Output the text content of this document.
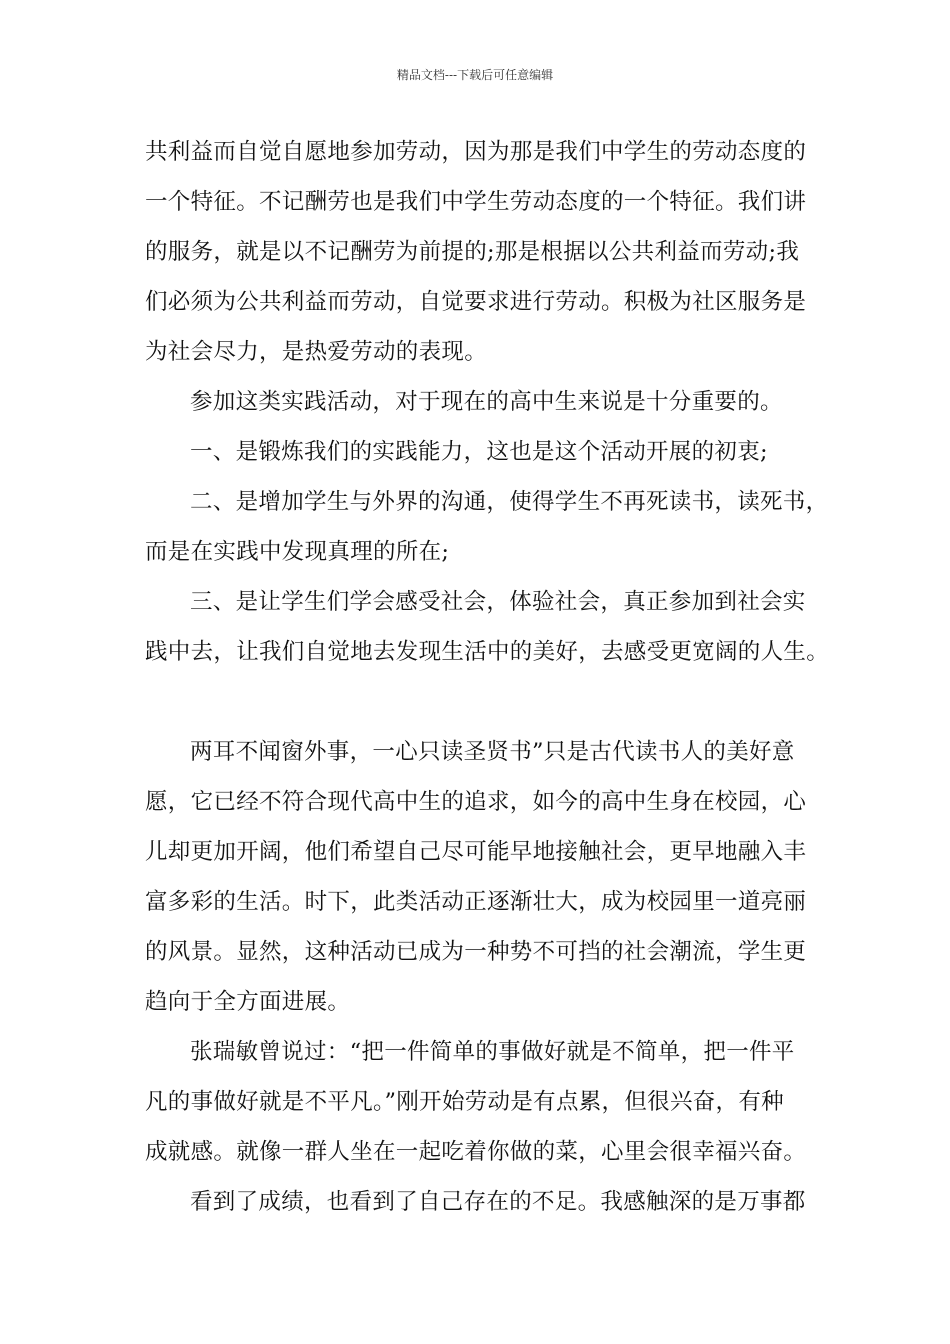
精品文档---下载后可任意编辑
共利益而自觉自愿地参加劳动，因为那是我们中学生的劳动态度的
一个特征。不记酬劳也是我们中学生劳动态度的一个特征。我们讲
的服务，就是以不记酬劳为前提的;那是根据以公共利益而劳动;我
们必须为公共利益而劳动，自觉要求进行劳动。积极为社区服务是
为社会尽力，是热爱劳动的表现。
参加这类实践活动，对于现在的高中生来说是十分重要的。
一、是锻炼我们的实践能力，这也是这个活动开展的初衷;
二、是增加学生与外界的沟通，使得学生不再死读书，读死书，
而是在实践中发现真理的所在;
三、是让学生们学会感受社会，体验社会，真正参加到社会实
践中去，让我们自觉地去发现生活中的美好，去感受更宽阔的人生。
两耳不闻窗外事，一心只读圣贤书”只是古代读书人的美好意
愿，它已经不符合现代高中生的追求，如今的高中生身在校园，心
儿却更加开阔，他们希望自己尽可能早地接触社会，更早地融入丰
富多彩的生活。时下，此类活动正逐渐壮大，成为校园里一道亮丽
的风景。显然，这种活动已成为一种势不可挡的社会潮流，学生更
趋向于全方面进展。
张瑞敏曾说过：“把一件简单的事做好就是不简单，把一件平
凡的事做好就是不平凡。”刚开始劳动是有点累，但很兴奋，有种
成就感。就像一群人坐在一起吃着你做的菜，心里会很幸福兴奋。
看到了成绩，也看到了自己存在的不足。我感触深的是万事都
